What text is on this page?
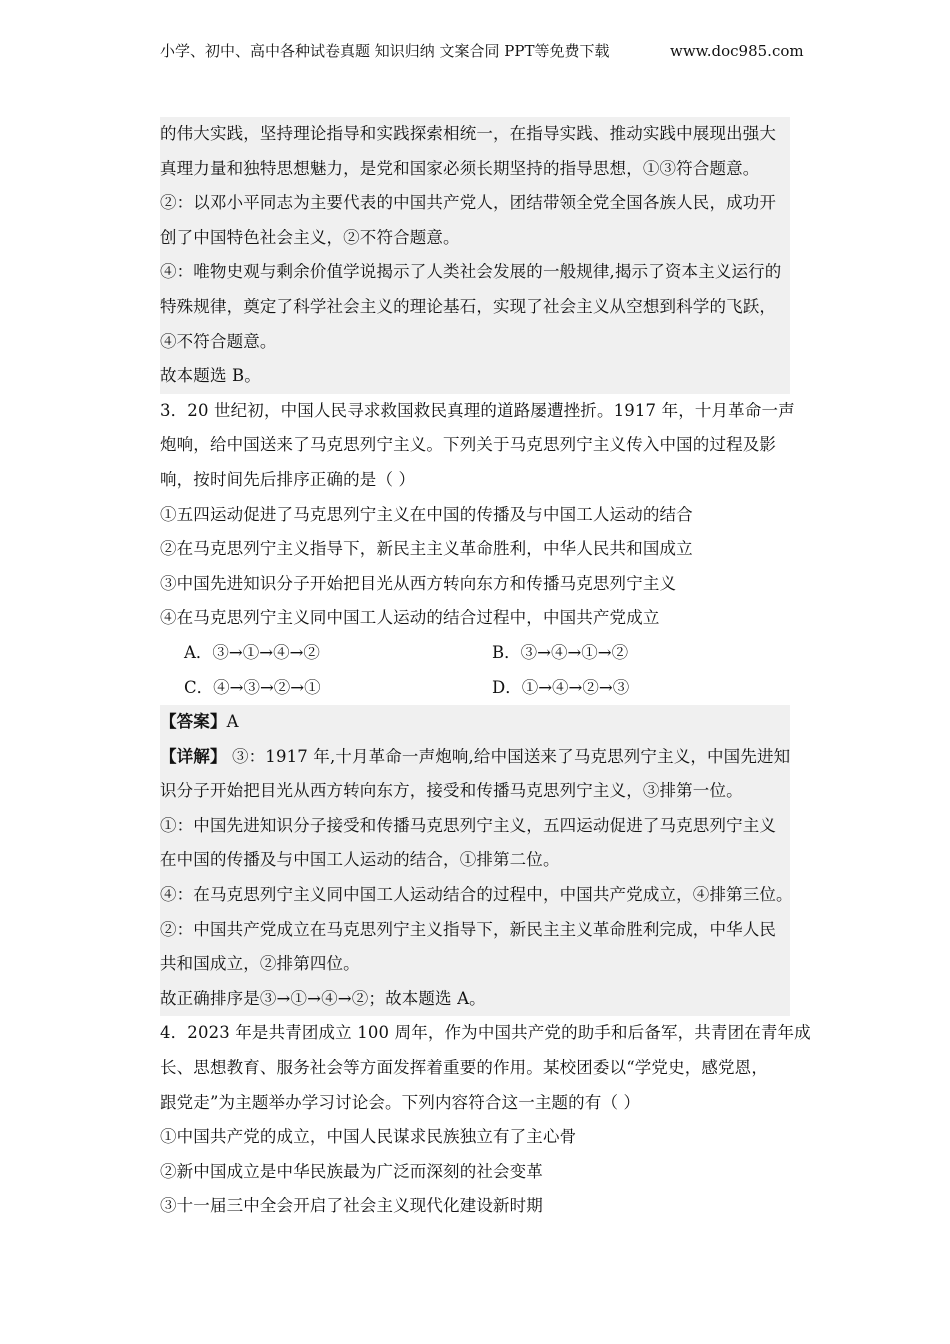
小学、初中、高中各种试卷真题 知识归纳 文案合同 PPT等免费下载	www.doc985.com
的伟大实践，坚持理论指导和实践探索相统一，在指导实践、推动实践中展现出强大
真理力量和独特思想魅力，是党和国家必须长期坚持的指导思想，①③符合题意。
②：以邓小平同志为主要代表的中国共产党人，团结带领全党全国各族人民，成功开
创了中国特色社会主义，②不符合题意。
④：唯物史观与剩余价值学说揭示了人类社会发展的一般规律,揭示了资本主义运行的
特殊规律，奠定了科学社会主义的理论基石，实现了社会主义从空想到科学的飞跃，
④不符合题意。
故本题选 B。
3．20 世纪初，中国人民寻求救国救民真理的道路屡遭挫折。1917 年，十月革命一声
炮响，给中国送来了马克思列宁主义。下列关于马克思列宁主义传入中国的过程及影
响，按时间先后排序正确的是（ ）
①五四运动促进了马克思列宁主义在中国的传播及与中国工人运动的结合
②在马克思列宁主义指导下，新民主主义革命胜利，中华人民共和国成立
③中国先进知识分子开始把目光从西方转向东方和传播马克思列宁主义
④在马克思列宁主义同中国工人运动的结合过程中，中国共产党成立
A．③→①→④→②	B．③→④→①→②
C．④→③→②→①	D．①→④→②→③
【答案】A
【详解】 ③：1917 年,十月革命一声炮响,给中国送来了马克思列宁主义，中国先进知
识分子开始把目光从西方转向东方，接受和传播马克思列宁主义，③排第一位。
①：中国先进知识分子接受和传播马克思列宁主义，五四运动促进了马克思列宁主义
在中国的传播及与中国工人运动的结合，①排第二位。
④：在马克思列宁主义同中国工人运动结合的过程中，中国共产党成立，④排第三位。
②：中国共产党成立在马克思列宁主义指导下，新民主主义革命胜利完成，中华人民
共和国成立，②排第四位。
故正确排序是③→①→④→②；故本题选 A。
4．2023 年是共青团成立 100 周年，作为中国共产党的助手和后备军，共青团在青年成
长、思想教育、服务社会等方面发挥着重要的作用。某校团委以“学党史，感党恩，
跟党走”为主题举办学习讨论会。下列内容符合这一主题的有（ ）
①中国共产党的成立，中国人民谋求民族独立有了主心骨
②新中国成立是中华民族最为广泛而深刻的社会变革
③十一届三中全会开启了社会主义现代化建设新时期
